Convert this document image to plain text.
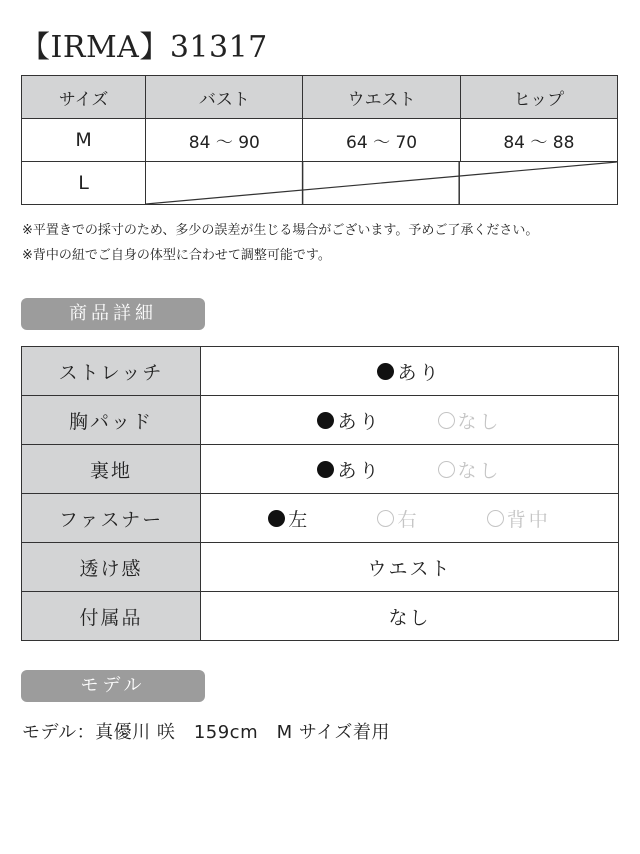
【IRMA】31317
サイズ	バスト	ウエスト	ヒップ
M	84 ～ 90	64 ～ 70	84 ～ 88
L	
※平置きでの採寸のため、多少の誤差が生じる場合がございます。予めご了承ください。
※背中の紐でご自身の体型に合わせて調整可能です。
商品詳細
ストレッチ	あり

胸パッド	あり なし

裏地	あり なし

ファスナー	左 右 背中

透け感	ウエスト
付属品	なし
モデル
モデル：真優川 咲　159cm　M サイズ着用
